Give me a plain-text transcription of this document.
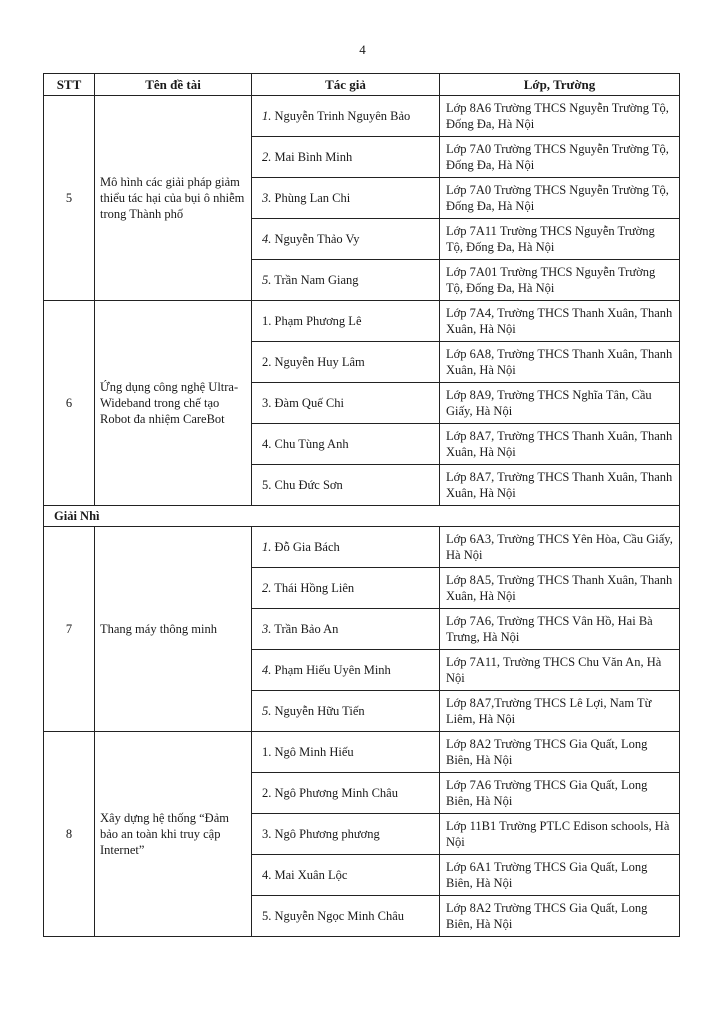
4
STT	Tên đề tài	Tác giả	Lớp, Trường
5	Mô hình các giải pháp giảm thiểu tác hại của bụi ô nhiễm trong Thành phố	1. Nguyễn Trinh Nguyên Bảo	Lớp 8A6 Trường THCS Nguyễn Trường Tộ, Đống Đa, Hà Nội
		2. Mai Bình Minh	Lớp 7A0 Trường THCS Nguyễn Trường Tộ, Đống Đa, Hà Nội
		3. Phùng Lan Chi	Lớp 7A0 Trường THCS Nguyễn Trường Tộ, Đống Đa, Hà Nội
		4. Nguyễn Thảo Vy	Lớp 7A11 Trường THCS Nguyễn Trường Tộ, Đống Đa, Hà Nội
		5. Trần Nam Giang	Lớp 7A01 Trường THCS Nguyễn Trường Tộ, Đống Đa, Hà Nội
6	Ứng dụng công nghệ Ultra-Wideband trong chế tạo Robot đa nhiệm CareBot	1. Phạm Phương Lê	Lớp 7A4, Trường THCS Thanh Xuân, Thanh Xuân, Hà Nội
		2. Nguyễn Huy Lâm	Lớp 6A8, Trường THCS Thanh Xuân, Thanh Xuân, Hà Nội
		3. Đàm Quế Chi	Lớp 8A9, Trường THCS Nghĩa Tân, Cầu Giấy, Hà Nội
		4. Chu Tùng Anh	Lớp 8A7, Trường THCS Thanh Xuân, Thanh Xuân, Hà Nội
		5. Chu Đức Sơn	Lớp 8A7, Trường THCS Thanh Xuân, Thanh Xuân, Hà Nội
Giải Nhì			
7	Thang máy thông minh	1. Đỗ Gia Bách	Lớp 6A3, Trường THCS Yên Hòa, Cầu Giấy, Hà Nội
		2. Thái Hồng Liên	Lớp 8A5, Trường THCS Thanh Xuân, Thanh Xuân, Hà Nội
		3. Trần Bảo An	Lớp 7A6, Trường THCS Vân Hồ, Hai Bà Trưng, Hà Nội
		4. Phạm Hiếu Uyên Minh	Lớp 7A11, Trường THCS Chu Văn An, Hà Nội
		5. Nguyễn Hữu Tiến	Lớp 8A7,Trường THCS Lê Lợi, Nam Từ Liêm, Hà Nội
8	Xây dựng hệ thống “Đảm bảo an toàn khi truy cập Internet”	1. Ngô Minh Hiếu	Lớp 8A2 Trường THCS Gia Quất, Long Biên, Hà Nội
		2. Ngô Phương Minh Châu	Lớp 7A6 Trường THCS Gia Quất, Long Biên, Hà Nội
		3. Ngô Phương phương	Lớp 11B1 Trường PTLC Edison schools, Hà Nội
		4. Mai Xuân Lộc	Lớp 6A1 Trường THCS Gia Quất, Long Biên, Hà Nội
		5. Nguyễn Ngọc Minh Châu	Lớp 8A2 Trường THCS Gia Quất, Long Biên, Hà Nội
